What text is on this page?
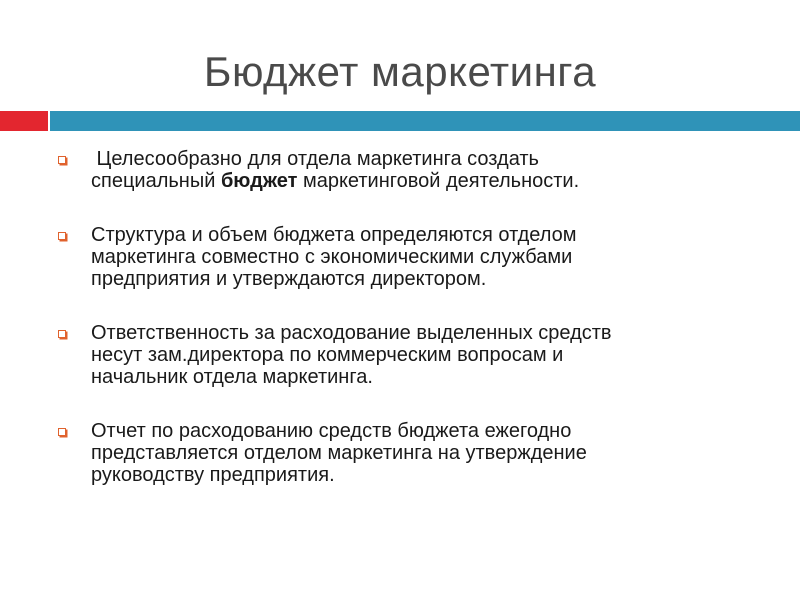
Бюджет маркетинга
Целесообразно для отдела маркетинга создать
специальный бюджет маркетинговой деятельности.
Структура и объем бюджета определяются отделом
маркетинга совместно с экономическими службами
предприятия и утверждаются директором.
Ответственность за расходование выделенных средств
несут зам.директора по коммерческим вопросам и
начальник отдела маркетинга.
Отчет по расходованию средств бюджета ежегодно
представляется отделом маркетинга на утверждение
руководству предприятия.
